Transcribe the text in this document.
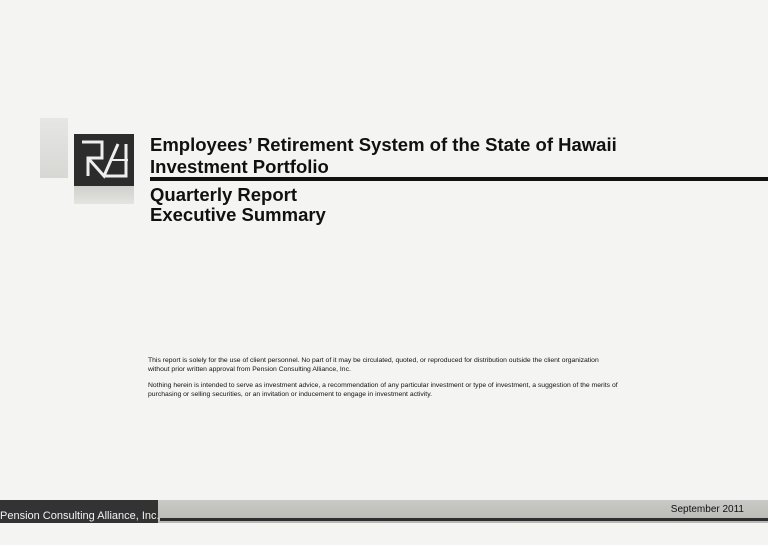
Employees’ Retirement System of the State of Hawaii
Investment Portfolio
Quarterly Report
Executive Summary

This report is solely for the use of client personnel. No part of it may be circulated, quoted, or reproduced for distribution outside the client organization without prior written approval from Pension Consulting Alliance, Inc.

Nothing herein is intended to serve as investment advice, a recommendation of any particular investment or type of investment, a suggestion of the merits of purchasing or selling securities, or an invitation or inducement to engage in investment activity.

Pension Consulting Alliance, Inc.
September 2011
